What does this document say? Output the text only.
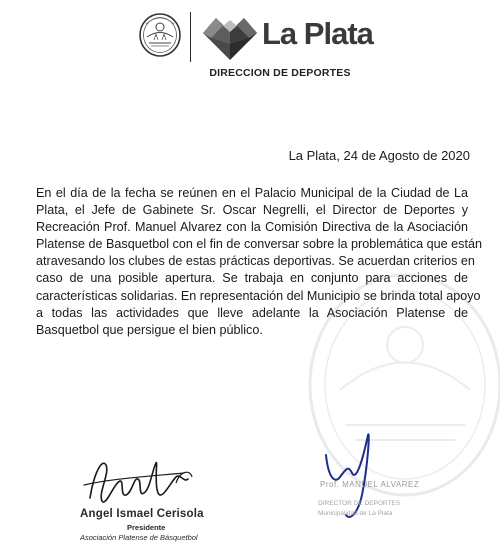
La Plata
DIRECCION DE DEPORTES
La Plata, 24 de Agosto de 2020
En el día de la fecha se reúnen en el Palacio Municipal de la Ciudad de La
Plata, el Jefe de Gabinete Sr. Oscar Negrelli, el Director de Deportes y
Recreación Prof. Manuel Alvarez con la Comisión Directiva de la Asociación
Platense de Basquetbol con el fin de conversar sobre la problemática que están
atravesando los clubes de estas prácticas deportivas. Se acuerdan criterios en
caso de una posible apertura. Se trabaja en conjunto para acciones de
características solidarias. En representación del Municipio se brinda total apoyo
a todas las actividades que lleve adelante la Asociación Platense de
Basquetbol que persigue el bien público.
Angel Ismael Cerisola
Presidente
Asociación Platense de Básquetbol
Prof. MANUEL ALVAREZ
DIRECTOR DE DEPORTES
Municipalidad de La Plata
